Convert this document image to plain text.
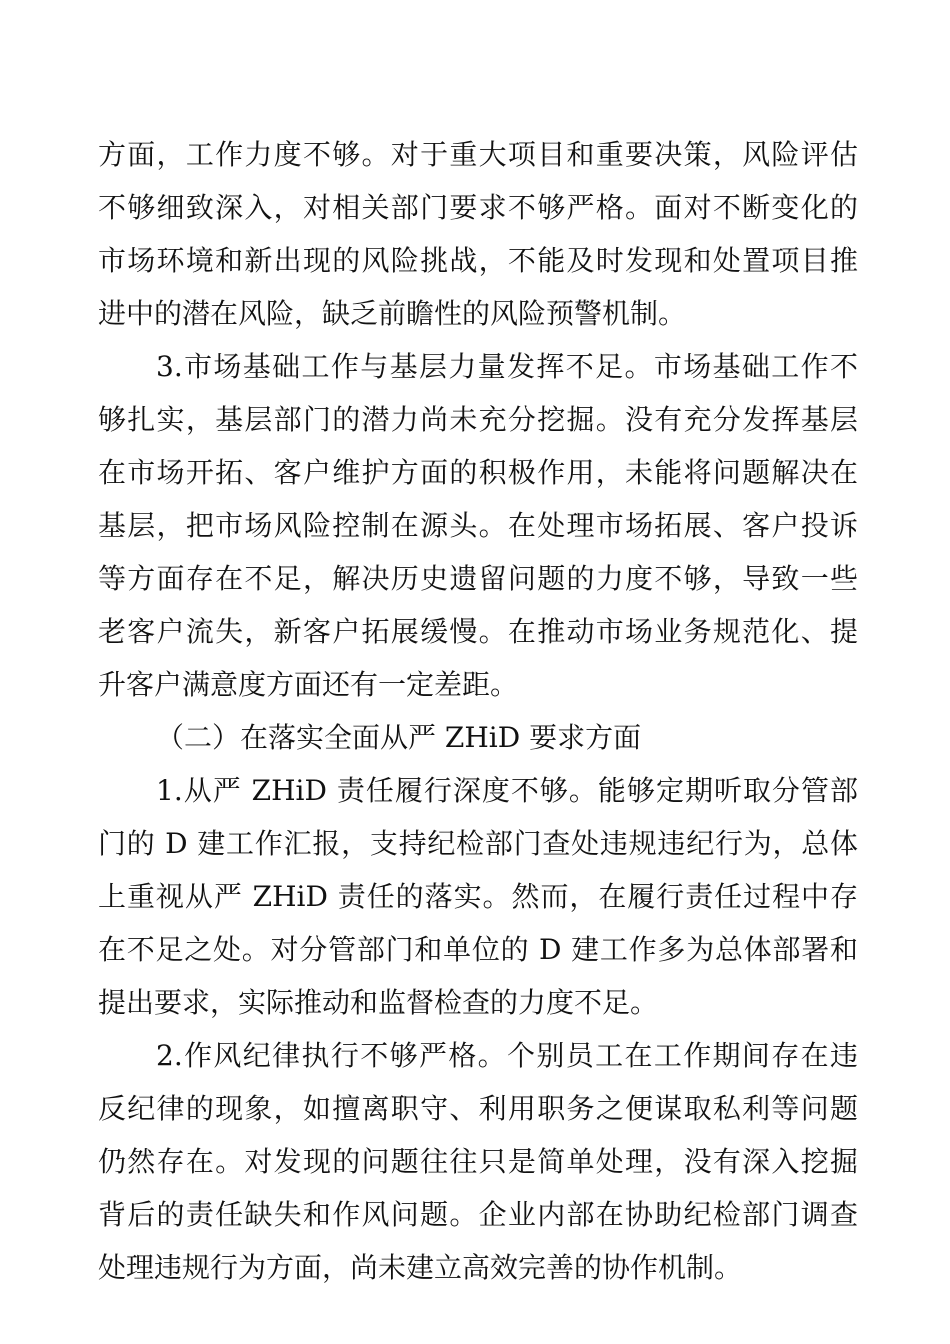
方面，工作力度不够。对于重大项目和重要决策，风险评估
不够细致深入，对相关部门要求不够严格。面对不断变化的
市场环境和新出现的风险挑战，不能及时发现和处置项目推
进中的潜在风险，缺乏前瞻性的风险预警机制。
3.市场基础工作与基层力量发挥不足。市场基础工作不
够扎实，基层部门的潜力尚未充分挖掘。没有充分发挥基层
在市场开拓、客户维护方面的积极作用，未能将问题解决在
基层，把市场风险控制在源头。在处理市场拓展、客户投诉
等方面存在不足，解决历史遗留问题的力度不够，导致一些
老客户流失，新客户拓展缓慢。在推动市场业务规范化、提
升客户满意度方面还有一定差距。
（二）在落实全面从严 ZHiD 要求方面
1.从严 ZHiD 责任履行深度不够。能够定期听取分管部
门的 D 建工作汇报，支持纪检部门查处违规违纪行为，总体
上重视从严 ZHiD 责任的落实。然而，在履行责任过程中存
在不足之处。对分管部门和单位的 D 建工作多为总体部署和
提出要求，实际推动和监督检查的力度不足。
2.作风纪律执行不够严格。个别员工在工作期间存在违
反纪律的现象，如擅离职守、利用职务之便谋取私利等问题
仍然存在。对发现的问题往往只是简单处理，没有深入挖掘
背后的责任缺失和作风问题。企业内部在协助纪检部门调查
处理违规行为方面，尚未建立高效完善的协作机制。
